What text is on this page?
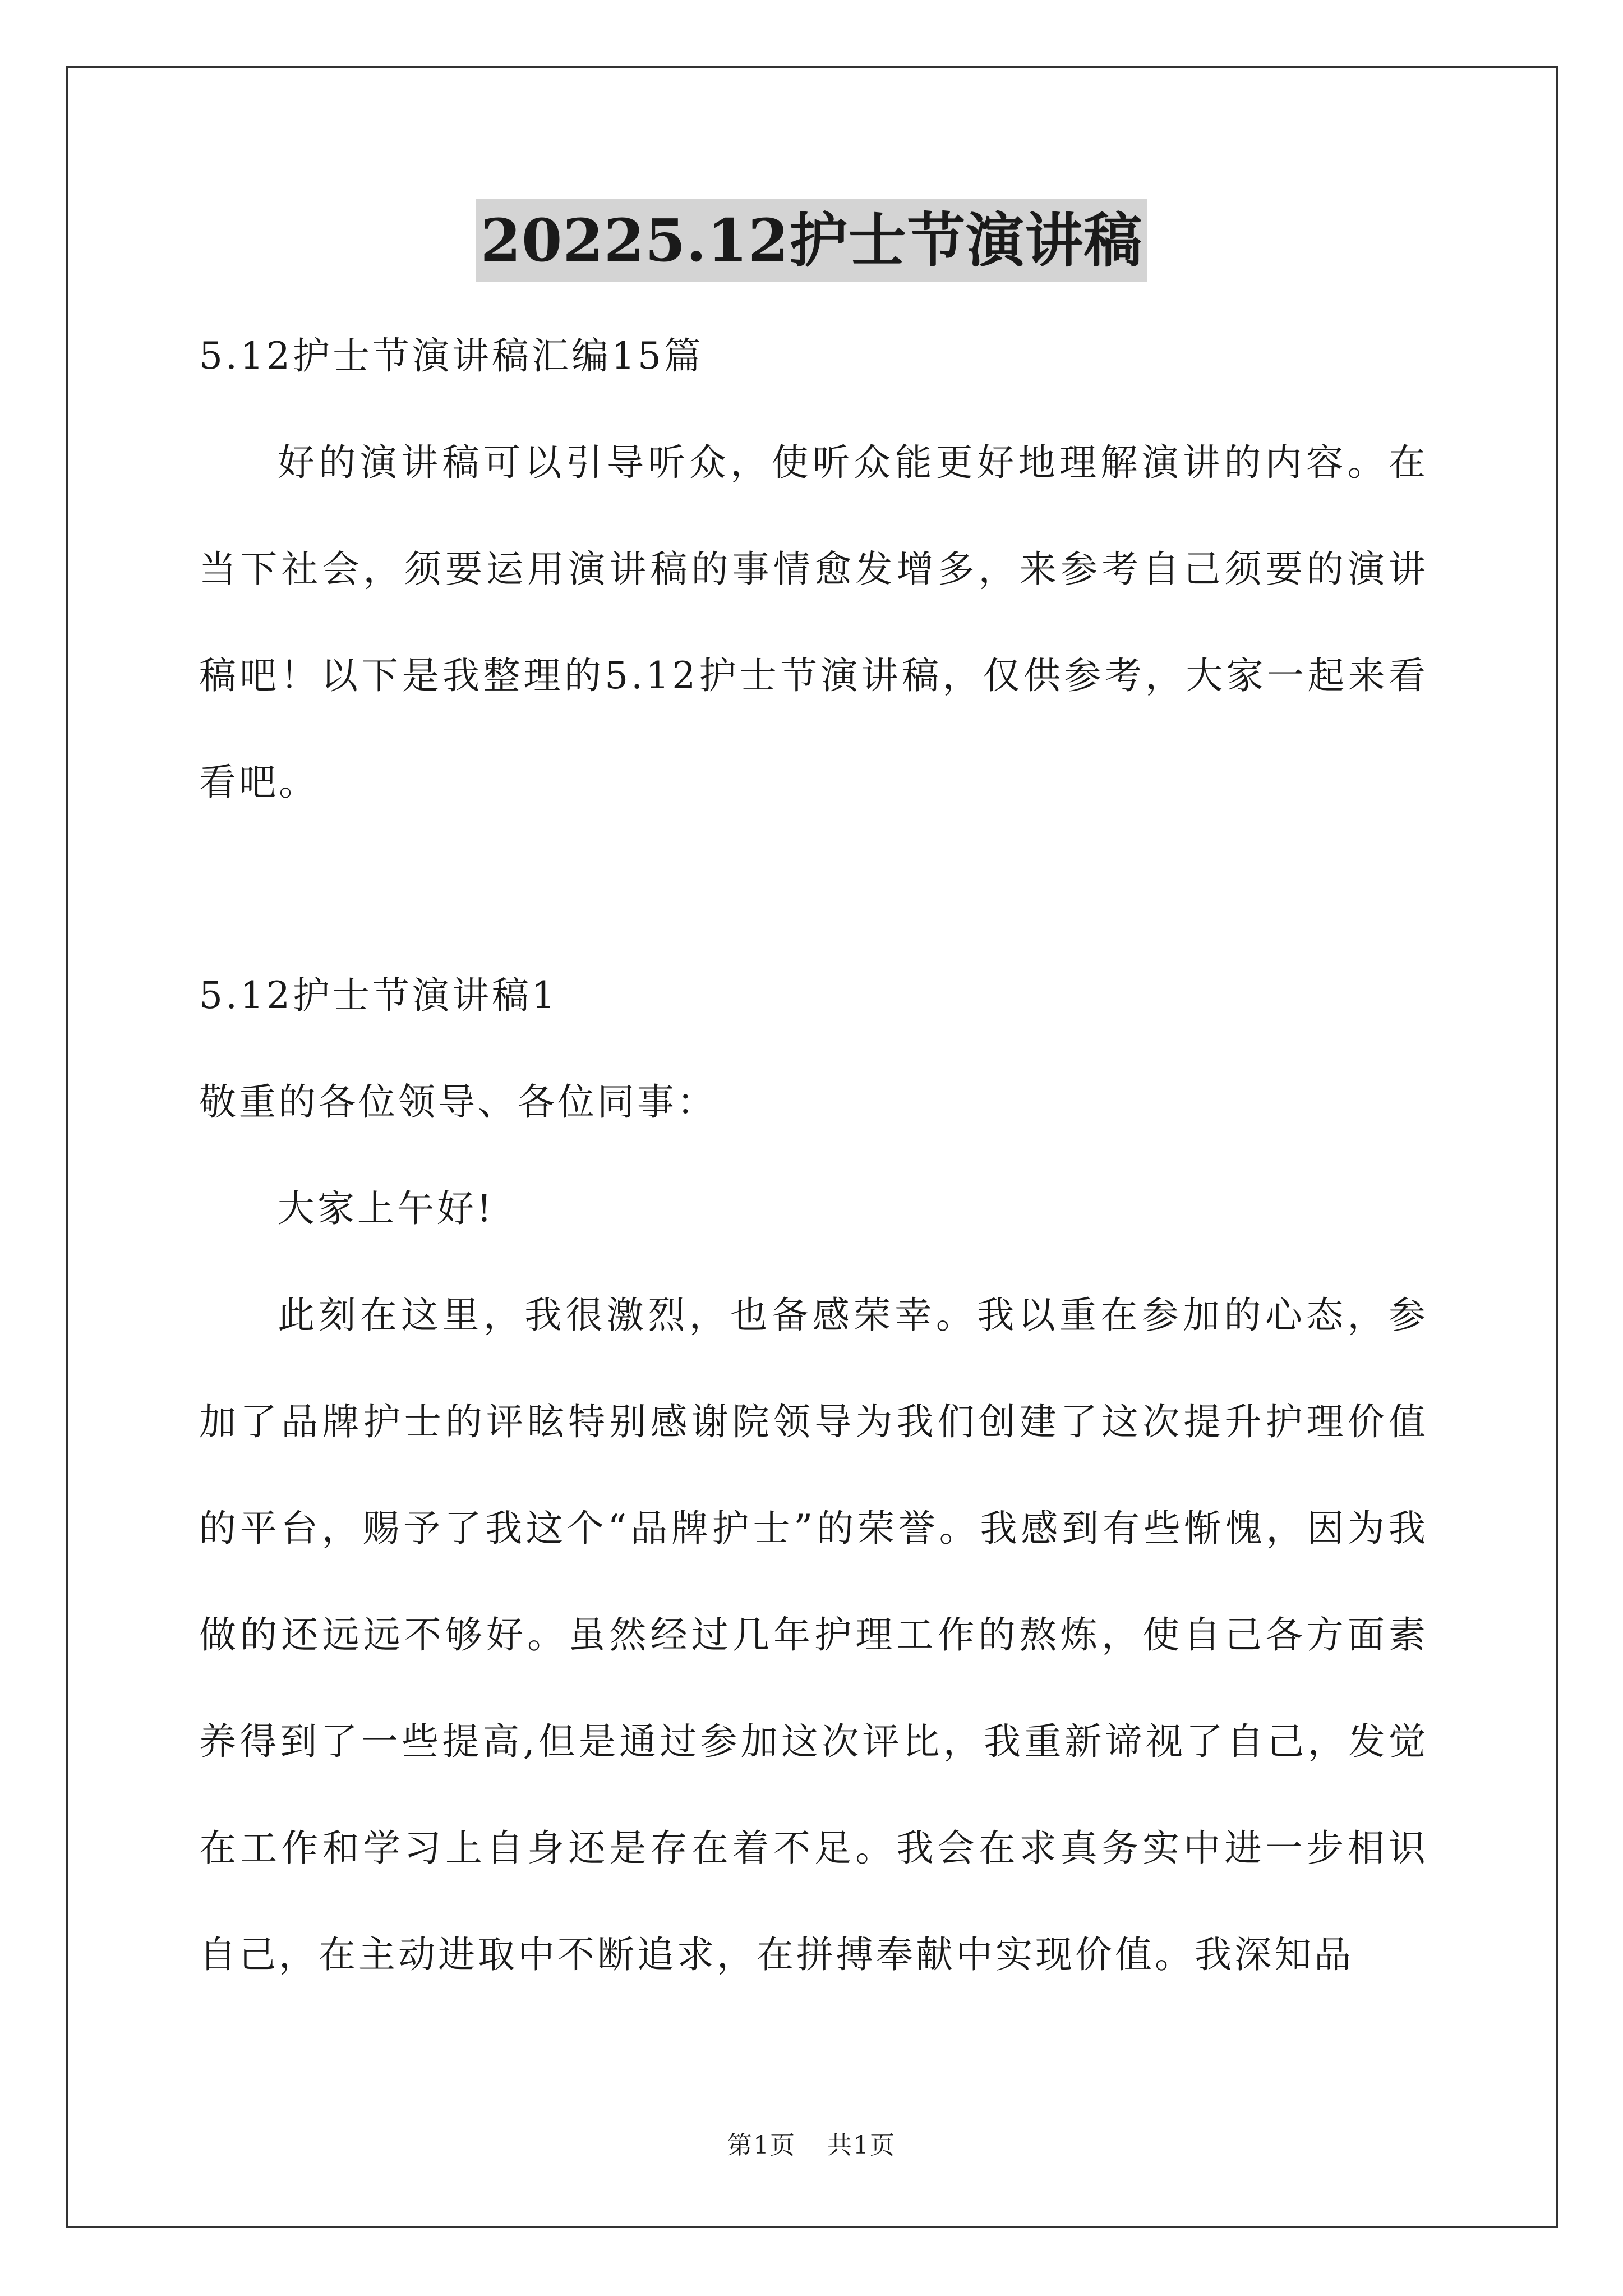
20225.12护士节演讲稿

5.12护士节演讲稿汇编15篇

好的演讲稿可以引导听众，使听众能更好地理解演讲的内容。在当下社会，须要运用演讲稿的事情愈发增多，来参考自己须要的演讲稿吧！以下是我整理的5.12护士节演讲稿，仅供参考，大家一起来看看吧。

5.12护士节演讲稿1

敬重的各位领导、各位同事：

大家上午好!

此刻在这里，我很激烈，也备感荣幸。我以重在参加的心态，参加了品牌护士的评眩特别感谢院领导为我们创建了这次提升护理价值的平台，赐予了我这个“品牌护士”的荣誉。我感到有些惭愧，因为我做的还远远不够好。虽然经过几年护理工作的熬炼，使自己各方面素养得到了一些提高,但是通过参加这次评比，我重新谛视了自己，发觉在工作和学习上自身还是存在着不足。我会在求真务实中进一步相识自己，在主动进取中不断追求，在拼搏奉献中实现价值。我深知品

第1页 共1页
